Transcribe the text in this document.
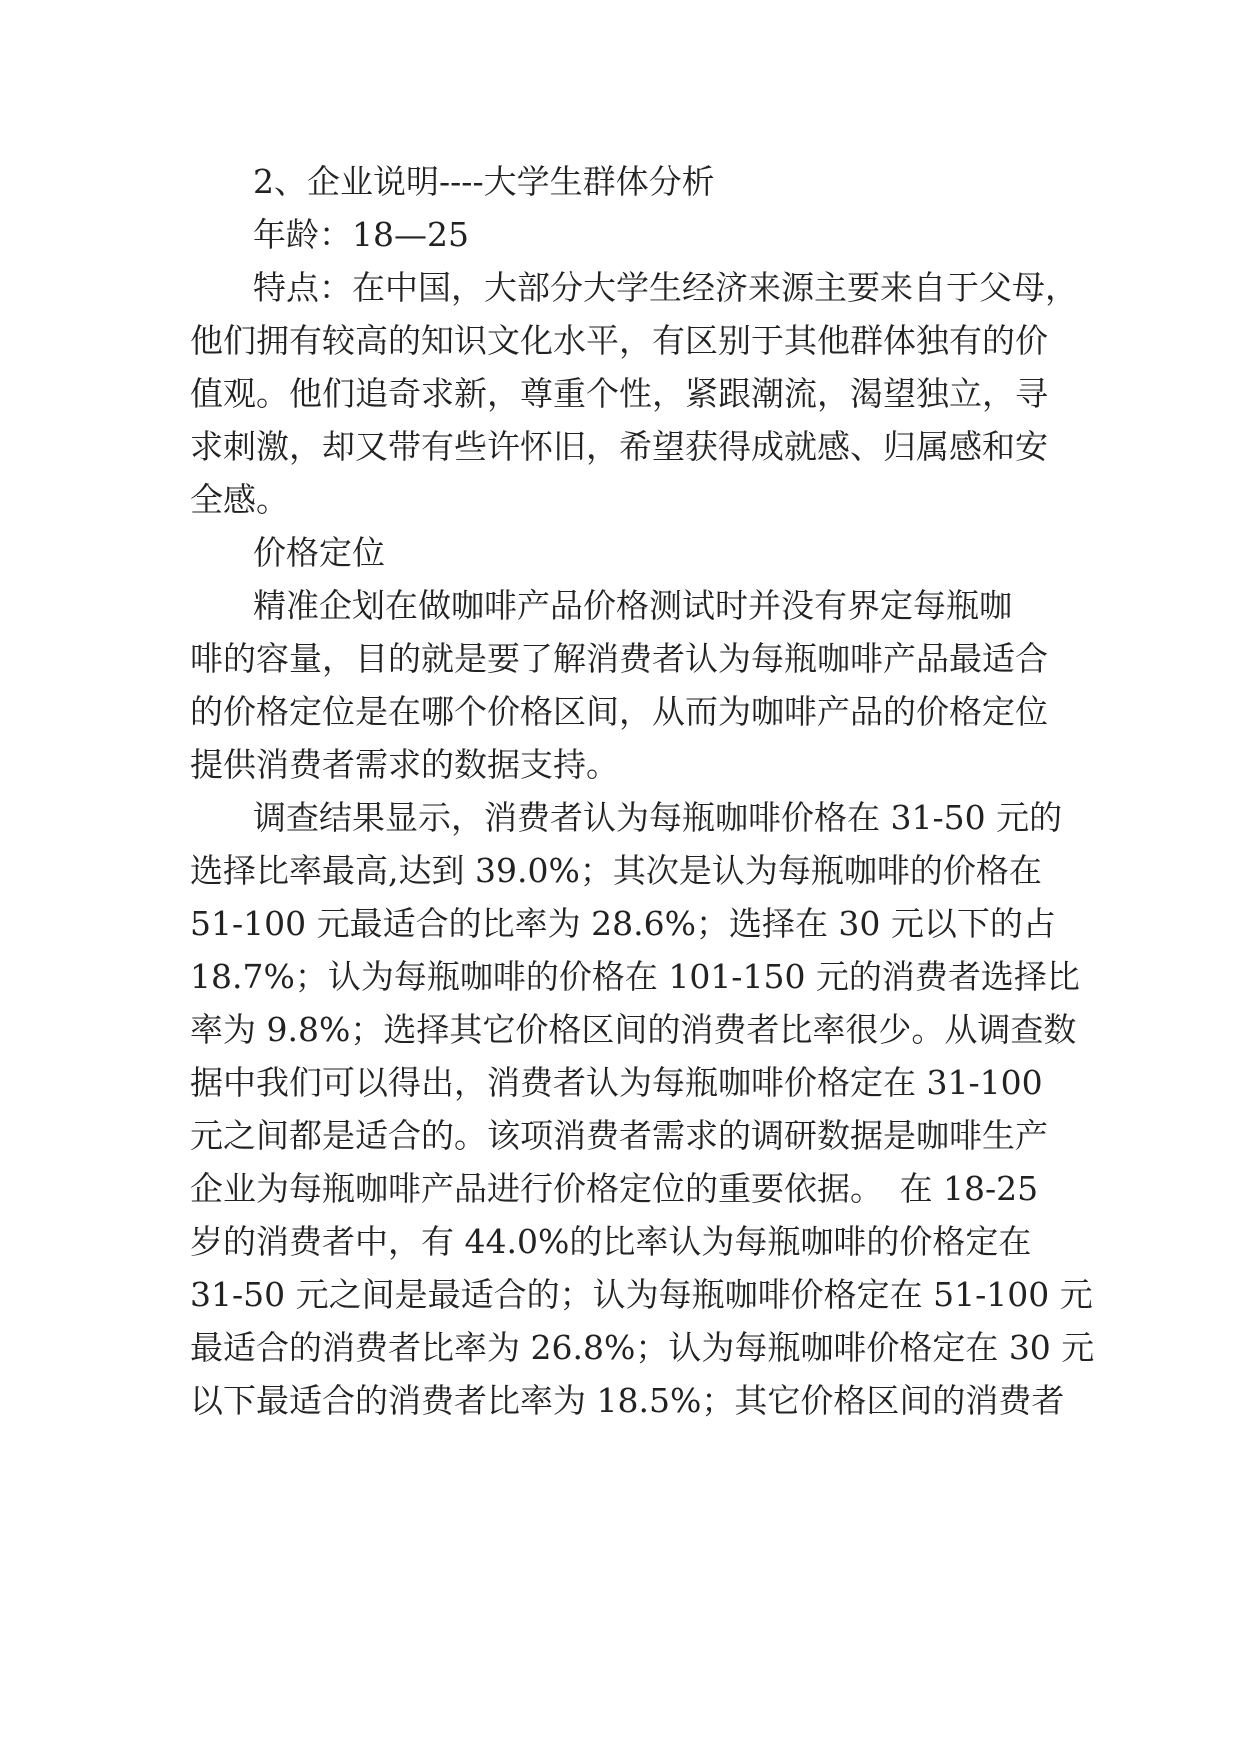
2、企业说明----大学生群体分析
年龄：18—25
特点：在中国，大部分大学生经济来源主要来自于父母，
他们拥有较高的知识文化水平，有区别于其他群体独有的价
值观。他们追奇求新，尊重个性，紧跟潮流，渴望独立，寻
求刺激，却又带有些许怀旧，希望获得成就感、归属感和安
全感。
价格定位
精准企划在做咖啡产品价格测试时并没有界定每瓶咖
啡的容量，目的就是要了解消费者认为每瓶咖啡产品最适合
的价格定位是在哪个价格区间，从而为咖啡产品的价格定位
提供消费者需求的数据支持。
调查结果显示，消费者认为每瓶咖啡价格在 31-50 元的
选择比率最高,达到 39.0%；其次是认为每瓶咖啡的价格在
51-100 元最适合的比率为 28.6%；选择在 30 元以下的占
18.7%；认为每瓶咖啡的价格在 101-150 元的消费者选择比
率为 9.8%；选择其它价格区间的消费者比率很少。从调查数
据中我们可以得出，消费者认为每瓶咖啡价格定在 31-100
元之间都是适合的。该项消费者需求的调研数据是咖啡生产
企业为每瓶咖啡产品进行价格定位的重要依据。　在 18-25
岁的消费者中，有 44.0%的比率认为每瓶咖啡的价格定在
31-50 元之间是最适合的；认为每瓶咖啡价格定在 51-100 元
最适合的消费者比率为 26.8%；认为每瓶咖啡价格定在 30 元
以下最适合的消费者比率为 18.5%；其它价格区间的消费者
